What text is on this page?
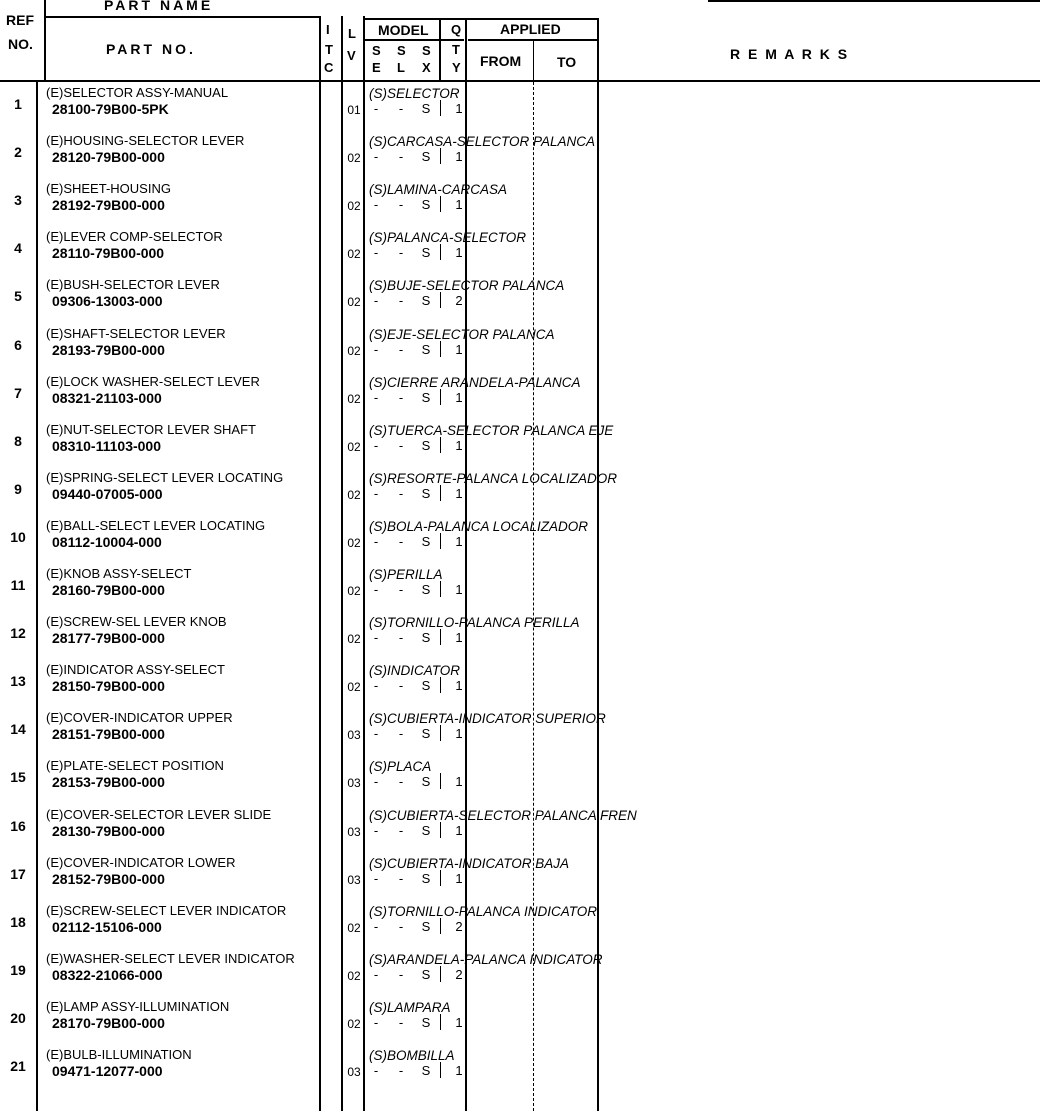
PART NAME
REF
NO.	PART NO.
I
T
C
L
V
MODEL
S
E
S
L
S
X
Q
T
Y
APPLIED
FROM	TO	R E M A R K S
1
(E)SELECTOR ASSY-MANUAL
28100-79B00-5PK	01	-	-	S	1
(S)SELECTOR
2
(E)HOUSING-SELECTOR LEVER
28120-79B00-000	02	-	-	S	1
(S)CARCASA-SELECTOR PALANCA
3
(E)SHEET-HOUSING
28192-79B00-000	02	-	-	S	1
(S)LAMINA-CARCASA
4
(E)LEVER COMP-SELECTOR
28110-79B00-000	02	-	-	S	1
(S)PALANCA-SELECTOR
5
(E)BUSH-SELECTOR LEVER
09306-13003-000	02	-	-	S	2
(S)BUJE-SELECTOR PALANCA
6
(E)SHAFT-SELECTOR LEVER
28193-79B00-000	02	-	-	S	1
(S)EJE-SELECTOR PALANCA
7
(E)LOCK WASHER-SELECT LEVER
08321-21103-000	02	-	-	S	1
(S)CIERRE ARANDELA-PALANCA
8
(E)NUT-SELECTOR LEVER SHAFT
08310-11103-000	02	-	-	S	1
(S)TUERCA-SELECTOR PALANCA EJE
9
(E)SPRING-SELECT LEVER LOCATING
09440-07005-000	02	-	-	S	1
(S)RESORTE-PALANCA LOCALIZADOR
10
(E)BALL-SELECT LEVER LOCATING
08112-10004-000	02	-	-	S	1
(S)BOLA-PALANCA LOCALIZADOR
11
(E)KNOB ASSY-SELECT
28160-79B00-000	02	-	-	S	1
(S)PERILLA
12
(E)SCREW-SEL LEVER KNOB
28177-79B00-000	02	-	-	S	1
(S)TORNILLO-PALANCA PERILLA
13
(E)INDICATOR ASSY-SELECT
28150-79B00-000	02	-	-	S	1
(S)INDICATOR
14
(E)COVER-INDICATOR UPPER
28151-79B00-000	03	-	-	S	1
(S)CUBIERTA-INDICATOR SUPERIOR
15
(E)PLATE-SELECT POSITION
28153-79B00-000	03	-	-	S	1
(S)PLACA
16
(E)COVER-SELECTOR LEVER SLIDE
28130-79B00-000	03	-	-	S	1
(S)CUBIERTA-SELECTOR PALANCA FREN
17
(E)COVER-INDICATOR LOWER
28152-79B00-000	03	-	-	S	1
(S)CUBIERTA-INDICATOR BAJA
18
(E)SCREW-SELECT LEVER INDICATOR
02112-15106-000	02	-	-	S	2
(S)TORNILLO-PALANCA INDICATOR
19
(E)WASHER-SELECT LEVER INDICATOR
08322-21066-000	02	-	-	S	2
(S)ARANDELA-PALANCA INDICATOR
20
(E)LAMP ASSY-ILLUMINATION
28170-79B00-000	02	-	-	S	1
(S)LAMPARA
21
(E)BULB-ILLUMINATION
09471-12077-000	03	-	-	S	1
(S)BOMBILLA
